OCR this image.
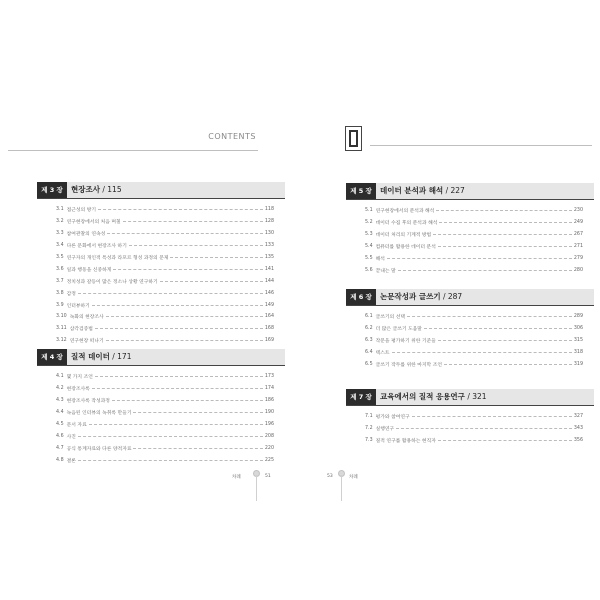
CONTENTS
제 3 장	현장조사 / 115
3.1 접근성의 방기	118
3.2 연구현장에서의 처음 며칠	128
3.3 참여관찰의 연속성	130
3.4 다른 문화에서 현장조사 하기	133
3.5 연구자의 개인적 특성과 라포르 형성 과정의 문제	135
3.6 일과 행동을 신중하게	141
3.7 정치성과 갈등이 많은 정소나 상황 연구하기	144
3.8 감정	146
3.9 인터뷰하기	149
3.10 녹화의 현장조사	164
3.11 삼각검증법	168
3.12 연구현장 떠나기	169
제 4 장	질적 데이터 / 171
4.1 몇 가지 조언	173
4.2 현장조사록	174
4.3 현장조사록 작성과정	186
4.4 녹음된 인터뷰의 녹취록 만들기	190
4.5 문서 자료	196
4.6 사진	208
4.7 공식 통계자료와 다른 양적자료	220
4.8 결론	225
차례	51
제 5 장	데이터 분석과 해석 / 227
5.1 연구현장에서의 분석과 해석	230
5.2 데이터 수집 후의 분석과 해석	249
5.3 데이터 처리의 기계적 방법	267
5.4 컴퓨터를 활용한 데이터 분석	271
5.5 해석	279
5.6 끝내는 말	280
제 6 장	논문작성과 글쓰기 / 287
6.1 글쓰기의 선택	289
6.2 더 많은 글쓰기 도움말	306
6.3 작문을 평가하기 위한 기준들	315
6.4 텍스트	318
6.5 글쓰기 작두를 위한 마지막 조언	319
제 7 장	교육에서의 질적 응용연구 / 321
7.1 평가와 참여연구	327
7.2 실행연구	343
7.3 질적 연구를 활용하는 현직자	356
53	차례
